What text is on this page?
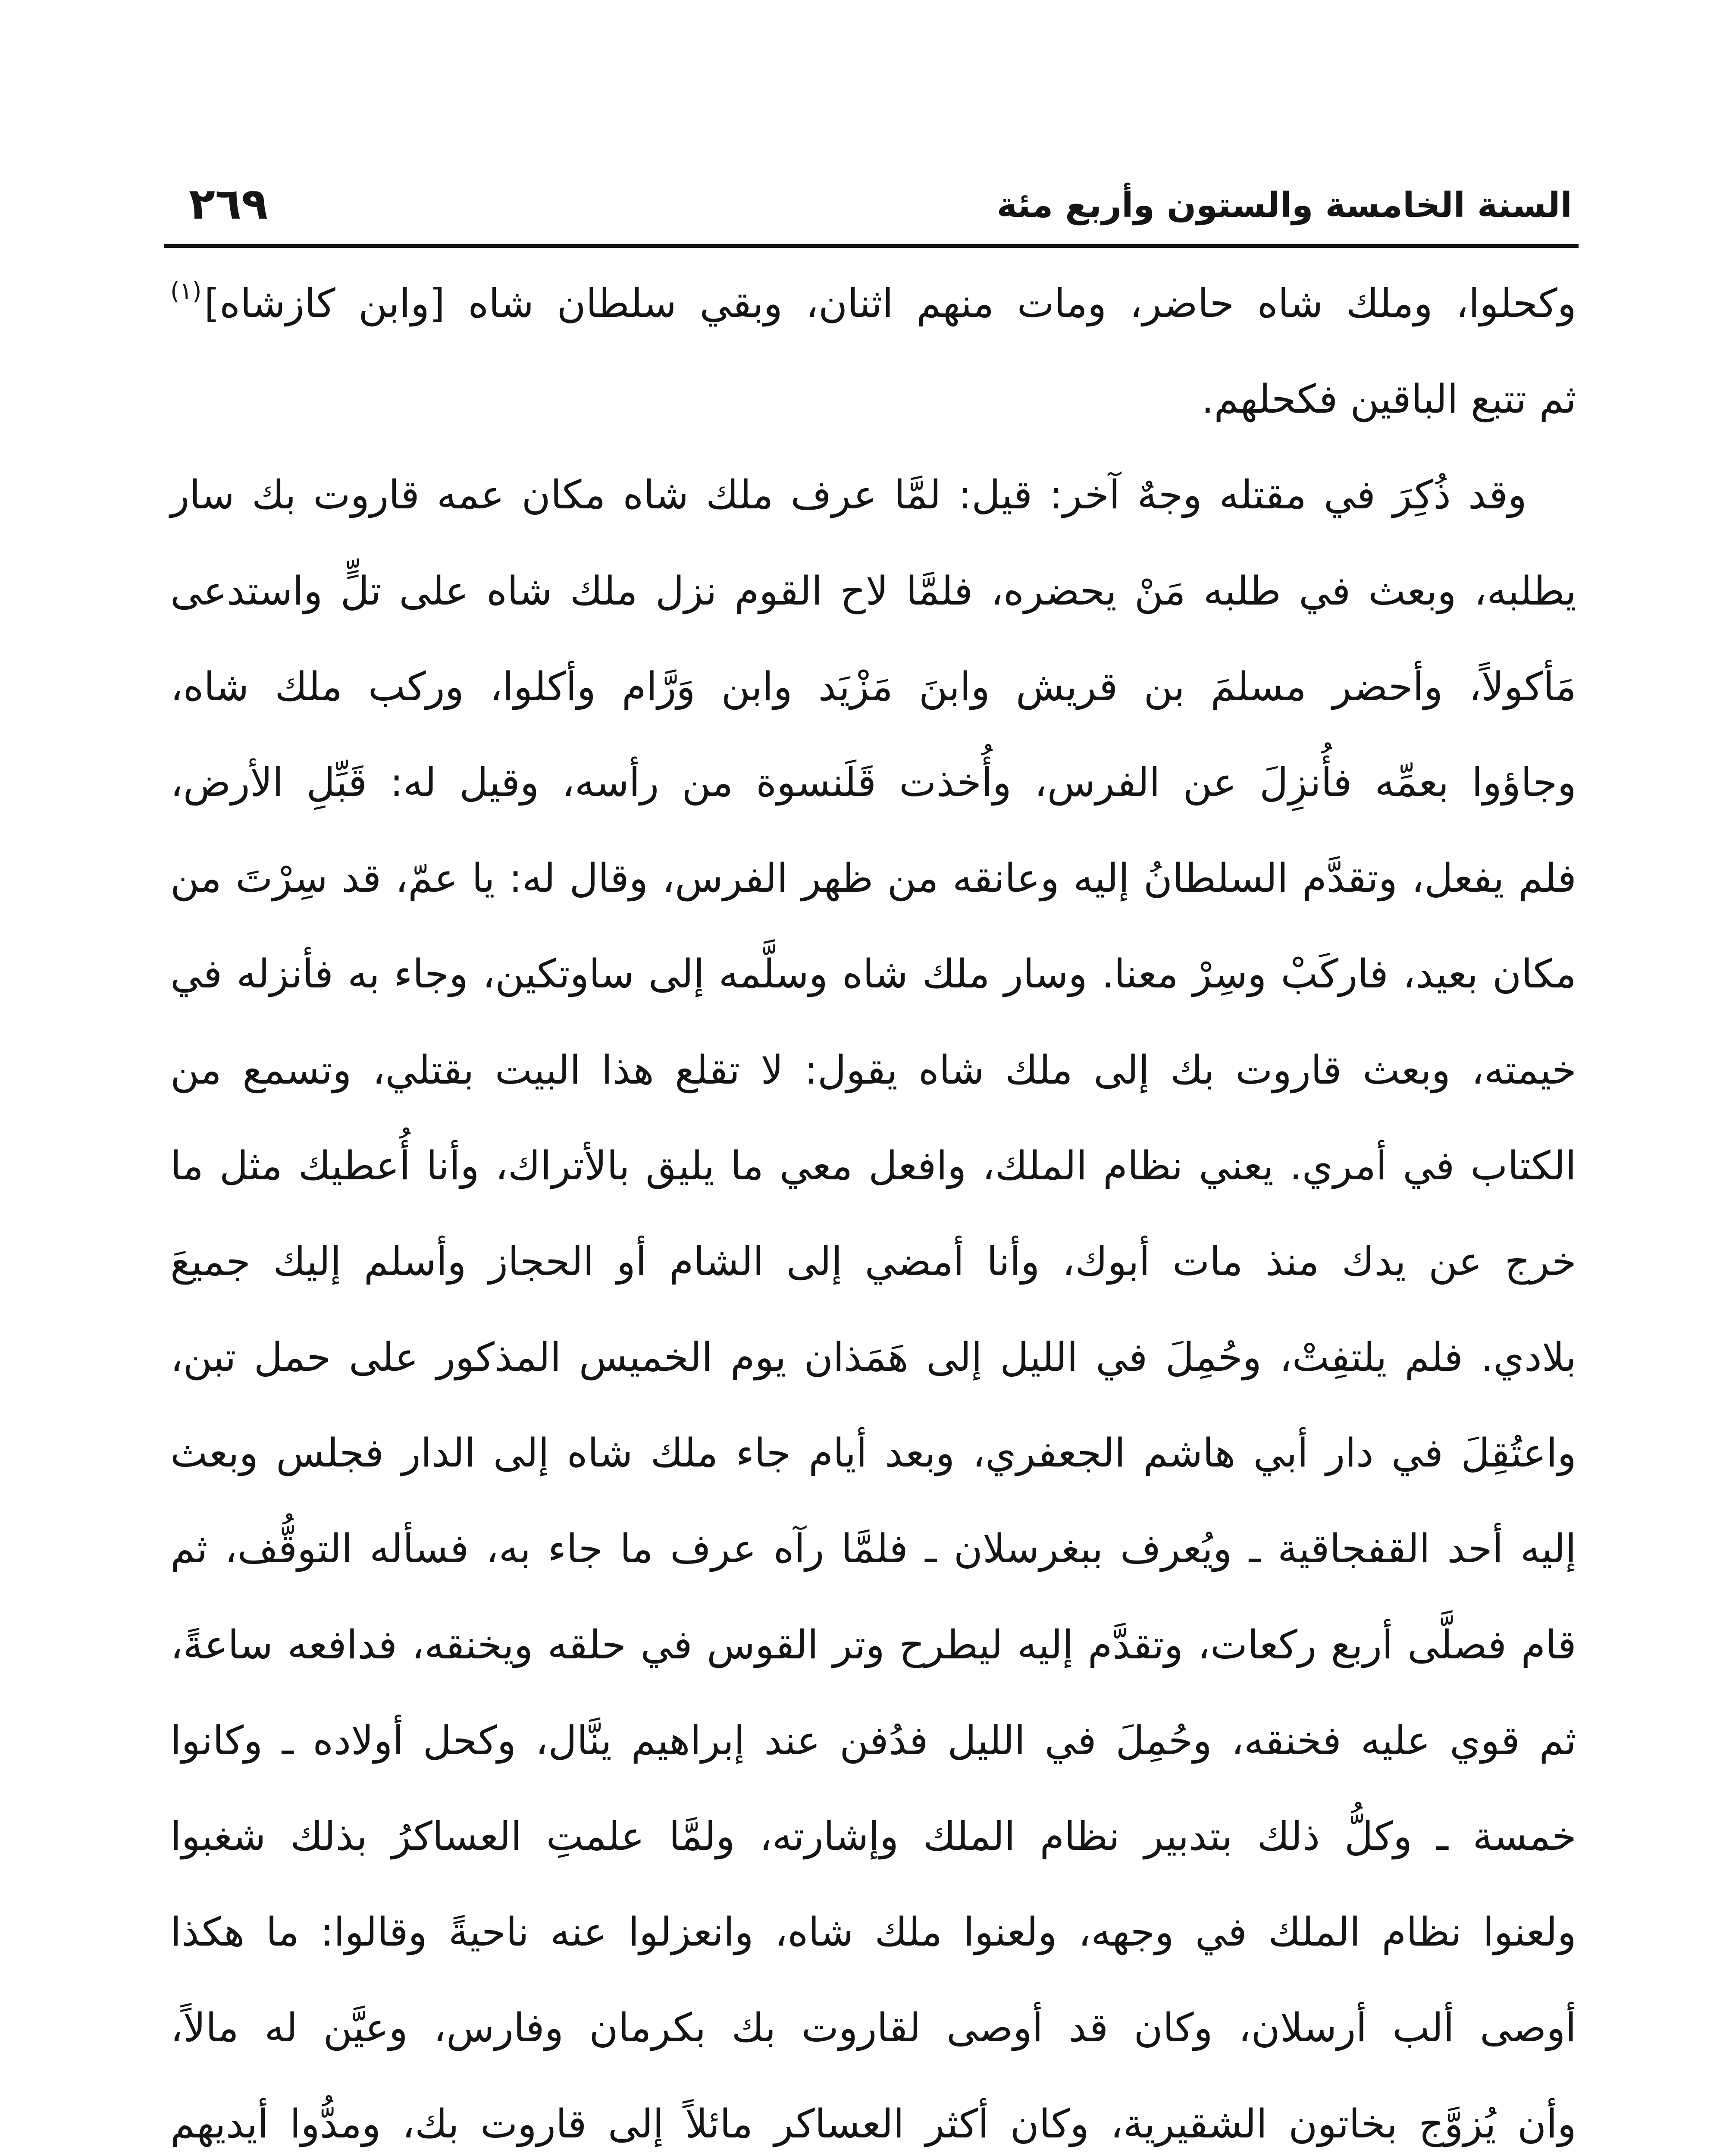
السنة الخامسة والستون وأربع مئة
٢٦٩
وكحلوا، وملك شاه حاضر، ومات منهم اثنان، وبقي سلطان شاه [وابن كازشاه]$^{(١)}$
ثم تتبع الباقين فكحلهم.
وقد ذُكِرَ في مقتله وجهٌ آخر: قيل: لمَّا عرف ملك شاه مكان عمه قاروت بك سار
يطلبه، وبعث في طلبه مَنْ يحضره، فلمَّا لاح القوم نزل ملك شاه على تلٍّ واستدعى
مَأكولاً، وأحضر مسلمَ بن قريش وابنَ مَزْيَد وابن وَرَّام وأكلوا، وركب ملك شاه،
وجاؤوا بعمِّه فأُنزِلَ عن الفرس، وأُخذت قَلَنسوة من رأسه، وقيل له: قَبِّلِ الأرض،
فلم يفعل، وتقدَّم السلطانُ إليه وعانقه من ظهر الفرس، وقال له: يا عمّ، قد سِرْتَ من
مكان بعيد، فاركَبْ وسِرْ معنا. وسار ملك شاه وسلَّمه إلى ساوتكين، وجاء به فأنزله في
خيمته، وبعث قاروت بك إلى ملك شاه يقول: لا تقلع هذا البيت بقتلي، وتسمع من
الكتاب في أمري. يعني نظام الملك، وافعل معي ما يليق بالأتراك، وأنا أُعطيك مثل ما
خرج عن يدك منذ مات أبوك، وأنا أمضي إلى الشام أو الحجاز وأسلم إليك جميعَ
بلادي. فلم يلتفِتْ، وحُمِلَ في الليل إلى هَمَذان يوم الخميس المذكور على حمل تبن،
واعتُقِلَ في دار أبي هاشم الجعفري، وبعد أيام جاء ملك شاه إلى الدار فجلس وبعث
إليه أحد القفجاقية ـ ويُعرف ببغرسلان ـ فلمَّا رآه عرف ما جاء به، فسأله التوقُّف، ثم
قام فصلَّى أربع ركعات، وتقدَّم إليه ليطرح وتر القوس في حلقه ويخنقه، فدافعه ساعةً،
ثم قوي عليه فخنقه، وحُمِلَ في الليل فدُفن عند إبراهيم ينَّال، وكحل أولاده ـ وكانوا
خمسة ـ وكلُّ ذلك بتدبير نظام الملك وإشارته، ولمَّا علمتِ العساكرُ بذلك شغبوا
ولعنوا نظام الملك في وجهه، ولعنوا ملك شاه، وانعزلوا عنه ناحيةً وقالوا: ما هكذا
أوصى ألب أرسلان، وكان قد أوصى لقاروت بك بكرمان وفارس، وعيَّن له مالاً،
وأن يُزوَّج بخاتون الشقيرية، وكان أكثر العساكر مائلاً إلى قاروت بك، ومدُّوا أيديهم
